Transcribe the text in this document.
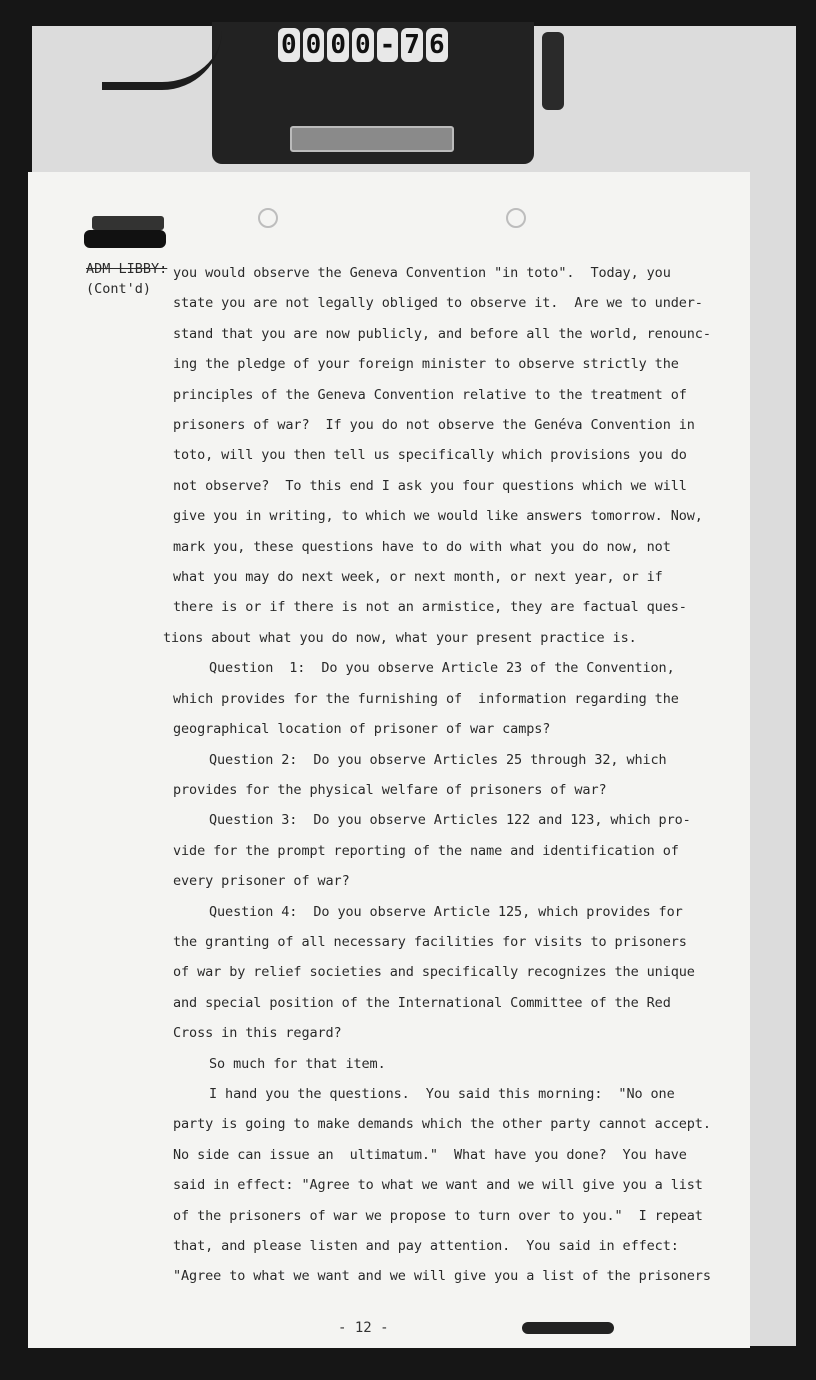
0 0 0 0 - 7 6
ADM LIBBY:
(Cont'd)
you would observe the Geneva Convention "in toto".  Today, you
state you are not legally obliged to observe it.  Are we to under-
stand that you are now publicly, and before all the world, renounc-
ing the pledge of your foreign minister to observe strictly the
principles of the Geneva Convention relative to the treatment of
prisoners of war?  If you do not observe the Genéva Convention in
toto, will you then tell us specifically which provisions you do
not observe?  To this end I ask you four questions which we will
give you in writing, to which we would like answers tomorrow. Now,
mark you, these questions have to do with what you do now, not
what you may do next week, or next month, or next year, or if
there is or if there is not an armistice, they are factual ques-
tions about what you do now, what your present practice is.
Question  1:  Do you observe Article 23 of the Convention,
which provides for the furnishing of  information regarding the
geographical location of prisoner of war camps?
Question 2:  Do you observe Articles 25 through 32, which
provides for the physical welfare of prisoners of war?
Question 3:  Do you observe Articles 122 and 123, which pro-
vide for the prompt reporting of the name and identification of
every prisoner of war?
Question 4:  Do you observe Article 125, which provides for
the granting of all necessary facilities for visits to prisoners
of war by relief societies and specifically recognizes the unique
and special position of the International Committee of the Red
Cross in this regard?
So much for that item.
I hand you the questions.  You said this morning:  "No one
party is going to make demands which the other party cannot accept.
No side can issue an  ultimatum."  What have you done?  You have
said in effect: "Agree to what we want and we will give you a list
of the prisoners of war we propose to turn over to you."  I repeat
that, and please listen and pay attention.  You said in effect:
"Agree to what we want and we will give you a list of the prisoners
- 12 -
